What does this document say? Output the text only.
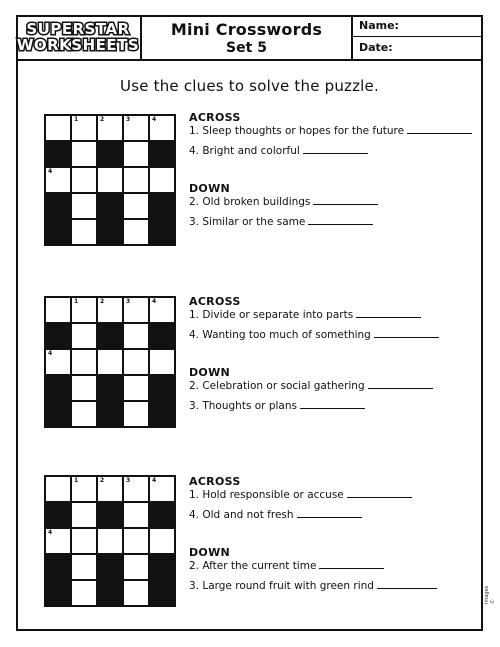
SUPERSTAR
WORKSHEETS
Mini Crosswords
Set 5
Name:
Date:
Use the clues to solve the puzzle.
1	2	3	4
4
ACROSS
1. Sleep thoughts or hopes for the future
4. Bright and colorful
DOWN
2. Old broken buildings
3. Similar or the same
1	2	3	4
4
ACROSS
1. Divide or separate into parts
4. Wanting too much of something
DOWN
2. Celebration or social gathering
3. Thoughts or plans
1	2	3	4
4
ACROSS
1. Hold responsible or accuse
4. Old and not fresh
DOWN
2. After the current time
3. Large round fruit with green rind	Images ©
